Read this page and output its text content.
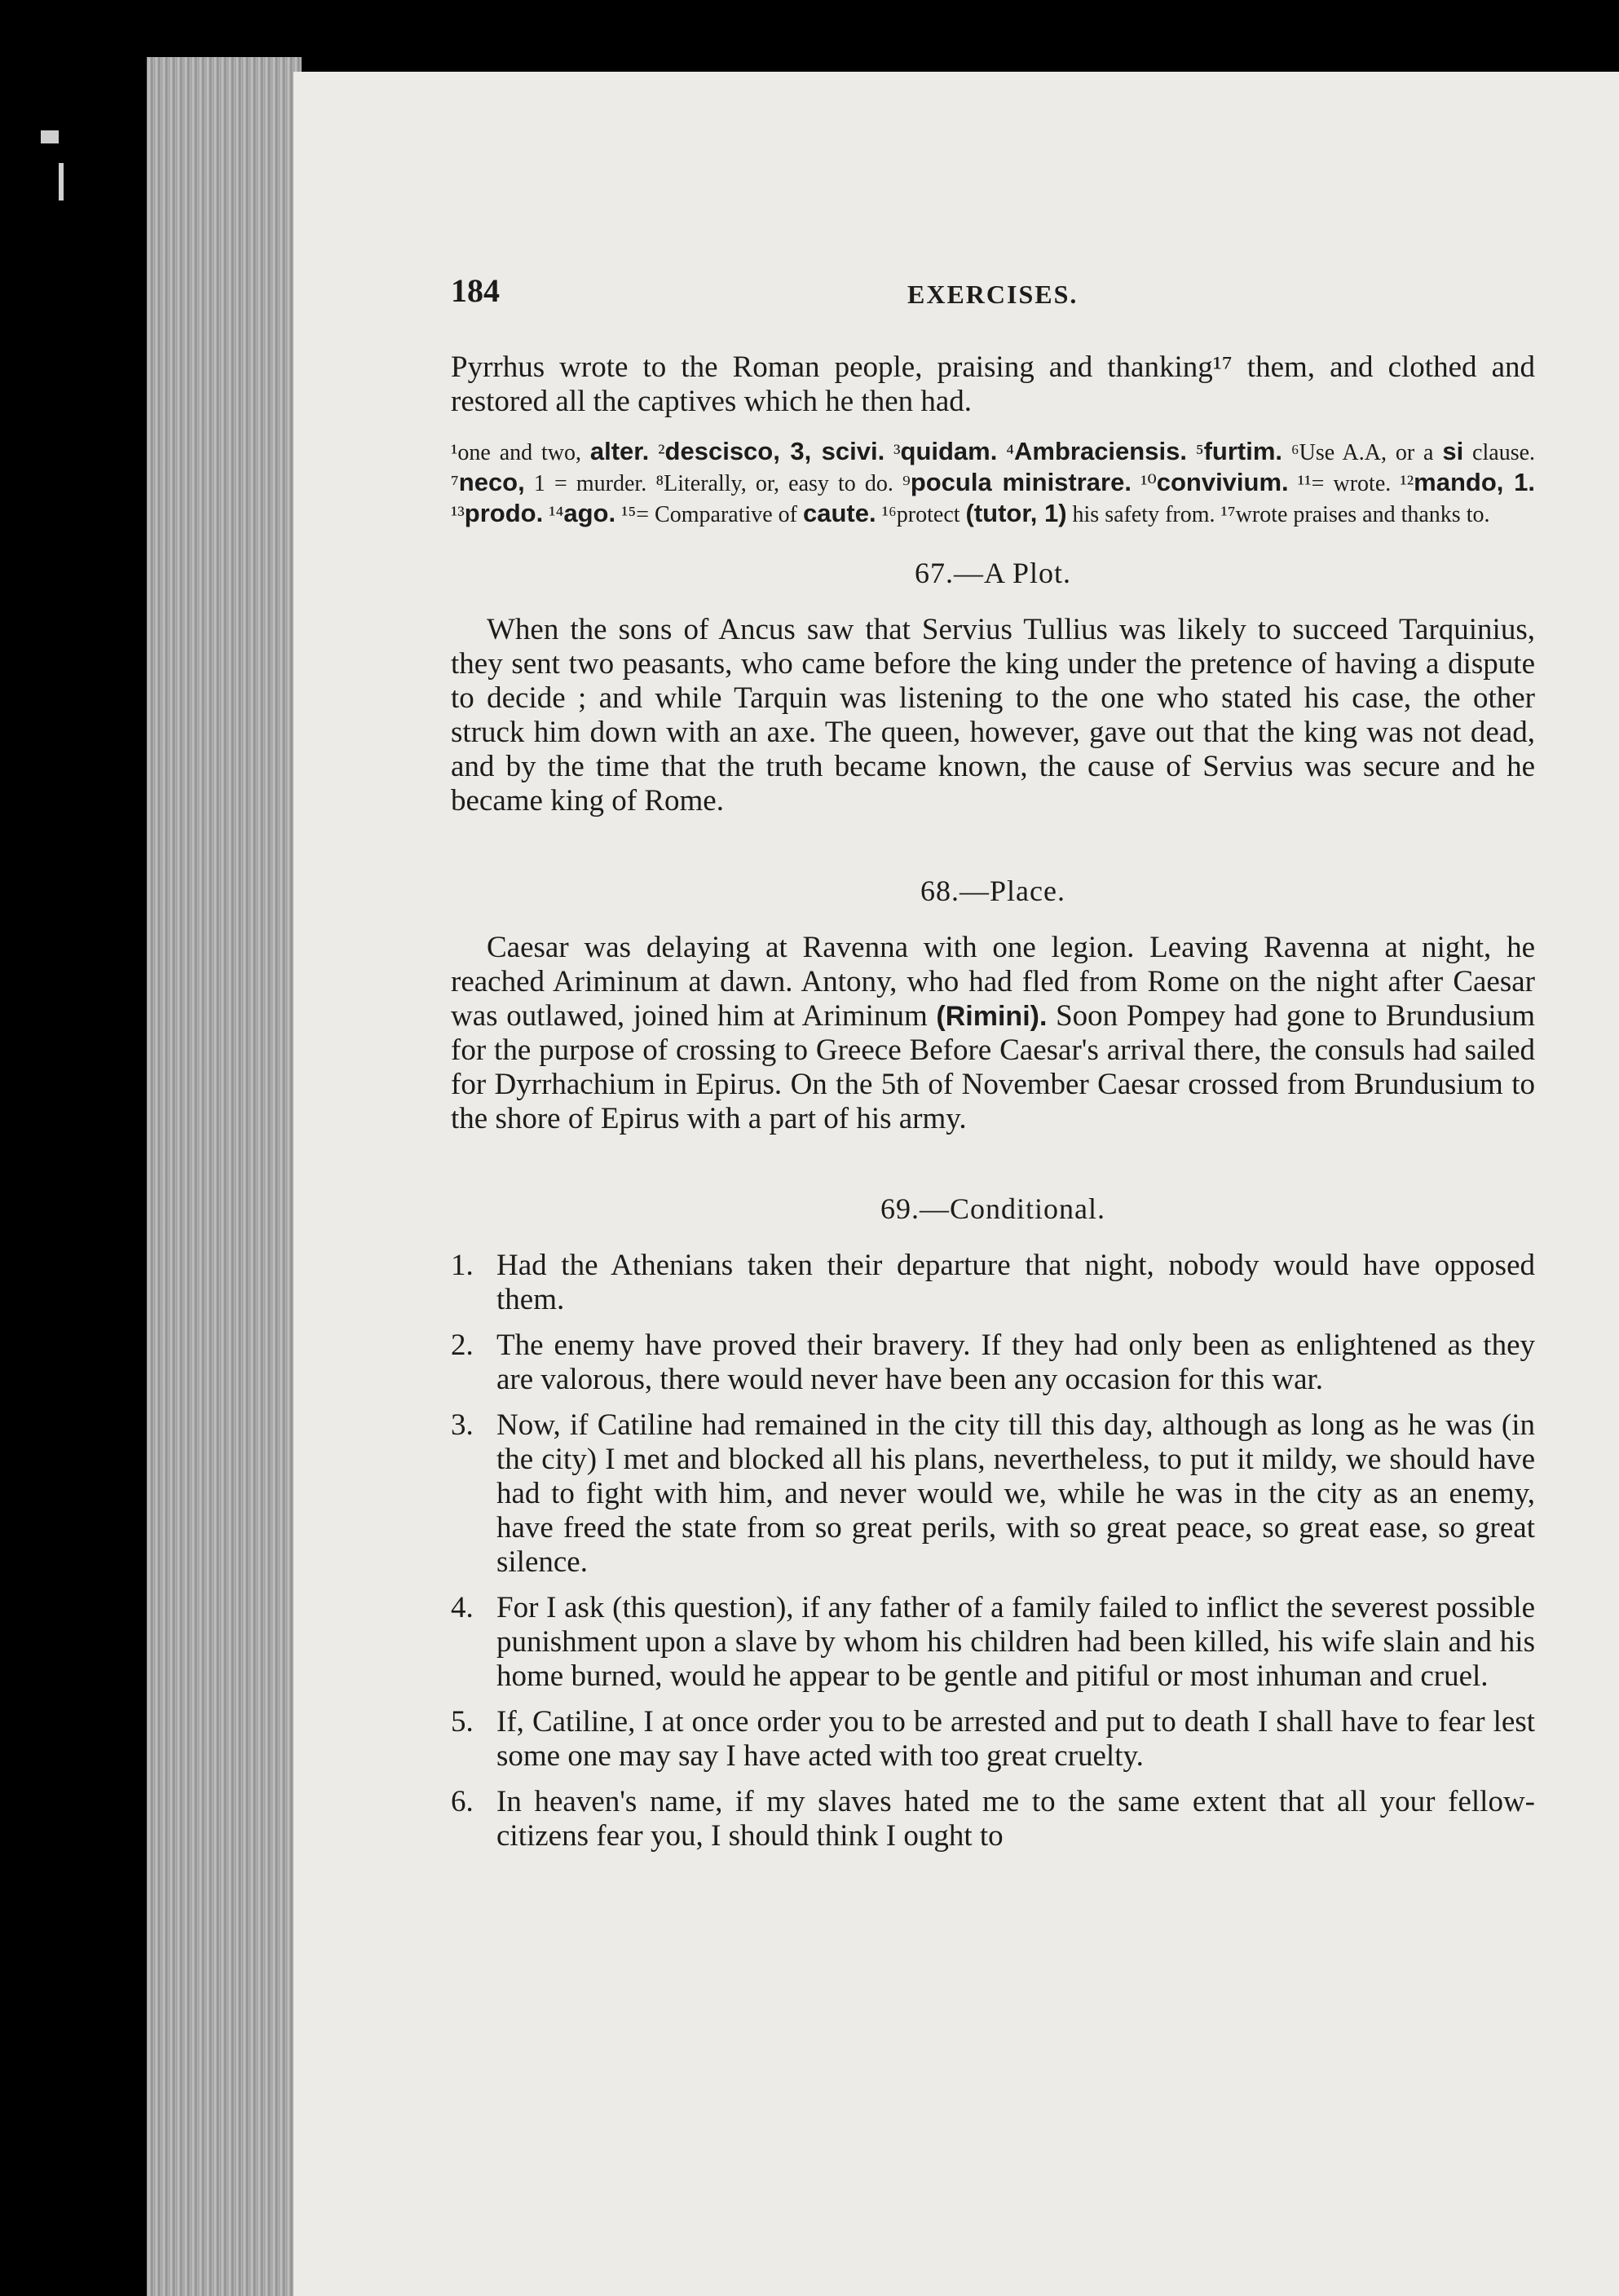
184	EXERCISES.

Pyrrhus wrote to the Roman people, praising and thanking¹⁷ them, and clothed and restored all the captives which he then had.

¹one and two, alter. ²descisco, 3, scivi. ³quidam. ⁴Ambraciensis. ⁵furtim. ⁶Use A.A, or a si clause. ⁷neco, 1 = murder. ⁸Literally, or, easy to do. ⁹pocula ministrare. ¹⁰convivium. ¹¹= wrote. ¹²mando, 1. ¹³prodo. ¹⁴ago. ¹⁵= Comparative of caute. ¹⁶protect (tutor, 1) his safety from. ¹⁷wrote praises and thanks to.

67.—A Plot.

When the sons of Ancus saw that Servius Tullius was likely to succeed Tarquinius, they sent two peasants, who came before the king under the pretence of having a dispute to decide ; and while Tarquin was listening to the one who stated his case, the other struck him down with an axe. The queen, however, gave out that the king was not dead, and by the time that the truth became known, the cause of Servius was secure and he became king of Rome.

68.—Place.

Caesar was delaying at Ravenna with one legion. Leaving Ravenna at night, he reached Ariminum at dawn. Antony, who had fled from Rome on the night after Caesar was outlawed, joined him at Ariminum (Rimini). Soon Pompey had gone to Brundusium for the purpose of crossing to Greece Before Caesar's arrival there, the consuls had sailed for Dyrrhachium in Epirus. On the 5th of November Caesar crossed from Brundusium to the shore of Epirus with a part of his army.

69.—Conditional.

1. Had the Athenians taken their departure that night, nobody would have opposed them.
2. The enemy have proved their bravery. If they had only been as enlightened as they are valorous, there would never have been any occasion for this war.
3. Now, if Catiline had remained in the city till this day, although as long as he was (in the city) I met and blocked all his plans, nevertheless, to put it mildy, we should have had to fight with him, and never would we, while he was in the city as an enemy, have freed the state from so great perils, with so great peace, so great ease, so great silence.
4. For I ask (this question), if any father of a family failed to inflict the severest possible punishment upon a slave by whom his children had been killed, his wife slain and his home burned, would he appear to be gentle and pitiful or most inhuman and cruel.
5. If, Catiline, I at once order you to be arrested and put to death I shall have to fear lest some one may say I have acted with too great cruelty.
6. In heaven's name, if my slaves hated me to the same extent that all your fellow-citizens fear you, I should think I ought to
